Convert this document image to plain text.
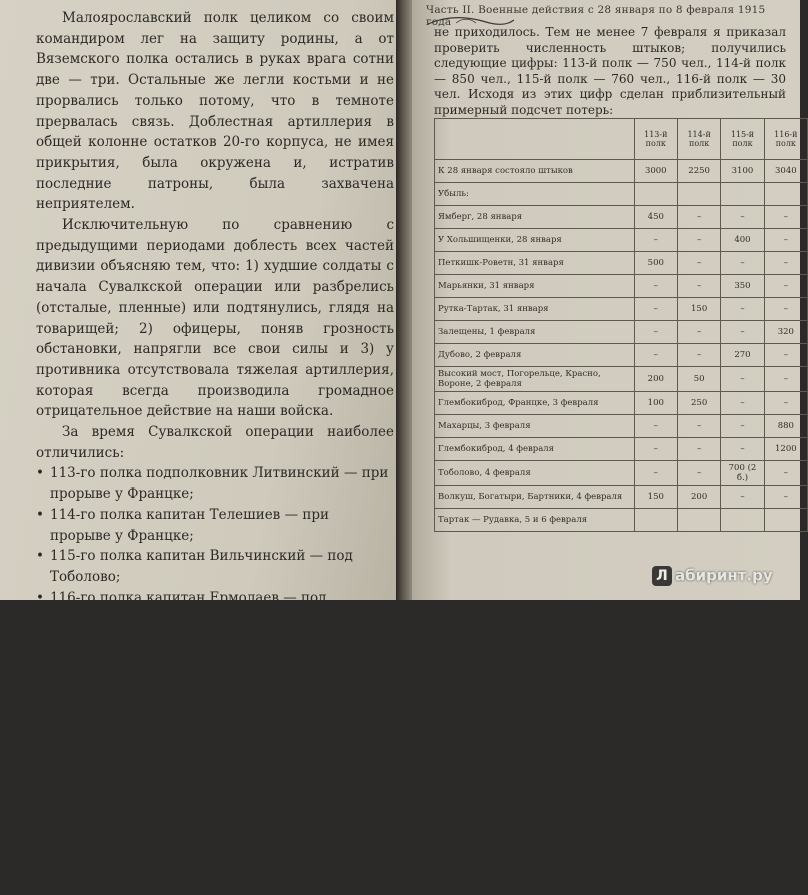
Малоярославский полк целиком со своим командиром лег на защиту родины, а от Вяземского полка остались в руках врага сотни две — три. Остальные же легли костьми и не прорвались только потому, что в темноте прервалась связь. Доблестная артиллерия в общей колонне остатков 20-го корпуса, не имея прикрытия, была окружена и, истратив последние патроны, была захвачена неприятелем.

Исключительную по сравнению с предыдущими периодами доблесть всех частей дивизии объясняю тем, что: 1) худшие солдаты с начала Сувалкской операции или разбрелись (отсталые, пленные) или подтянулись, глядя на товарищей; 2) офицеры, поняв грозность обстановки, напрягли все свои силы и 3) у противника отсутствовала тяжелая артиллерия, которая всегда производила громадное отрицательное действие на наши войска.

За время Сувалкской операции наиболее отличились:

• 113-го полка подполковник Литвинский — при прорыве у Францке;
• 114-го полка капитан Телешиев — при прорыве у Францке;
• 115-го полка капитан Вильчинский — под Тоболово;
• 116-го полка капитан Ермолаев — под Залещенами, Махарцами и Глембокиброд;
• 116-го полка капитан Надеждин — под Махарцами, Глембокиброд и Сторожинцами;
• 115-го полка подпоручик Людвиг — под Тоболово;
• 29-й артиллерийской бригады подпоручик Гейдрих — под Тоболово.

Убыль в полках дивизии за время Сувалкской операции (нижние чины)

Дать точные сведения об убыли невозможно. Операция была настолько форсирована, что делать в пути подсчет

Часть II. Военные действия с 28 января по 8 февраля 1915 года

не приходилось. Тем не менее 7 февраля я приказал проверить численность штыков; получились следующие цифры: 113-й полк — 750 чел., 114-й полк — 850 чел., 115-й полк — 760 чел., 116-й полк — 30 чел. Исходя из этих цифр сделан приблизительный примерный подсчет потерь:

	113-й полк	114-й полк	115-й полк	116-й полк
К 28 января состояло штыков	3000	2250	3100	3040
Убыль:				
Ямберг, 28 января	450	–	–	–
У Хольшищенки, 28 января	–	–	400	–
Петкишк-Роветн, 31 января	500	–	–	–
Марьянки, 31 января	–	–	350	–
Рутка-Тартак, 31 января	–	150	–	–
Залещены, 1 февраля	–	–	–	320
Дубово, 2 февраля	–	–	270	–
Высокий мост, Погорельце, Красно, Вороне, 2 февраля	200	50	–	–
Глембокиброд, Францке, 3 февраля	100	250	–	–
Махарцы, 3 февраля	–	–	–	880
Глембокиброд, 4 февраля	–	–	–	1200
Тоболово, 4 февраля	–	–	700 (2 б.)	–
Волкуш, Богатыри, Бартники, 4 февраля	150	200	–	–
Тартак — Рудавка, 5 и 6 февраля				
Л абиринт.ру
